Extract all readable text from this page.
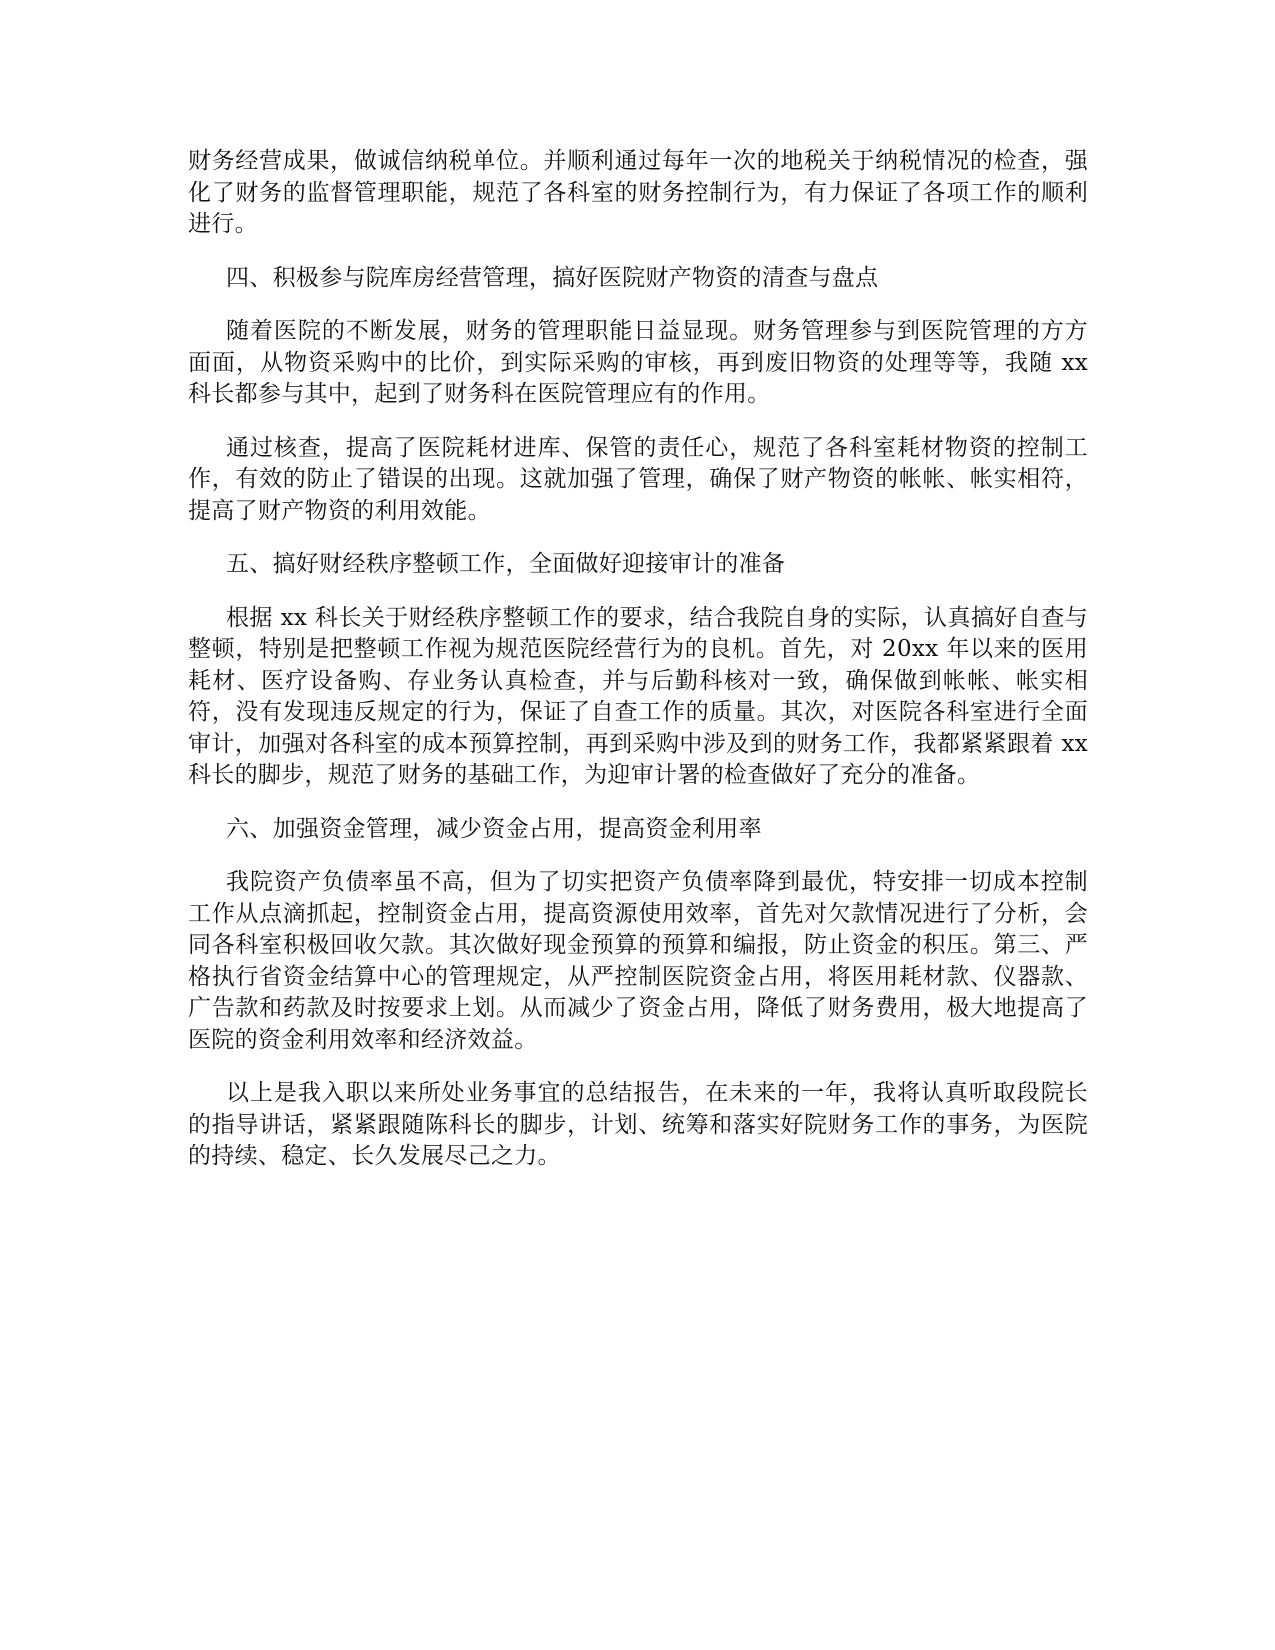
财务经营成果，做诚信纳税单位。并顺利通过每年一次的地税关于纳税情况的检查，强化了财务的监督管理职能，规范了各科室的财务控制行为，有力保证了各项工作的顺利进行。

四、积极参与院库房经营管理，搞好医院财产物资的清查与盘点

随着医院的不断发展，财务的管理职能日益显现。财务管理参与到医院管理的方方面面，从物资采购中的比价，到实际采购的审核，再到废旧物资的处理等等，我随 xx 科长都参与其中，起到了财务科在医院管理应有的作用。

通过核查，提高了医院耗材进库、保管的责任心，规范了各科室耗材物资的控制工作，有效的防止了错误的出现。这就加强了管理，确保了财产物资的帐帐、帐实相符，提高了财产物资的利用效能。

五、搞好财经秩序整顿工作，全面做好迎接审计的准备

根据 xx 科长关于财经秩序整顿工作的要求，结合我院自身的实际，认真搞好自查与整顿，特别是把整顿工作视为规范医院经营行为的良机。首先，对 20xx 年以来的医用耗材、医疗设备购、存业务认真检查，并与后勤科核对一致，确保做到帐帐、帐实相符，没有发现违反规定的行为，保证了自查工作的质量。其次，对医院各科室进行全面审计，加强对各科室的成本预算控制，再到采购中涉及到的财务工作，我都紧紧跟着 xx 科长的脚步，规范了财务的基础工作，为迎审计署的检查做好了充分的准备。

六、加强资金管理，减少资金占用，提高资金利用率

我院资产负债率虽不高，但为了切实把资产负债率降到最优，特安排一切成本控制工作从点滴抓起，控制资金占用，提高资源使用效率，首先对欠款情况进行了分析，会同各科室积极回收欠款。其次做好现金预算的预算和编报，防止资金的积压。第三、严格执行省资金结算中心的管理规定，从严控制医院资金占用，将医用耗材款、仪器款、广告款和药款及时按要求上划。从而减少了资金占用，降低了财务费用，极大地提高了医院的资金利用效率和经济效益。

以上是我入职以来所处业务事宜的总结报告，在未来的一年，我将认真听取段院长的指导讲话，紧紧跟随陈科长的脚步，计划、统筹和落实好院财务工作的事务，为医院的持续、稳定、长久发展尽己之力。
